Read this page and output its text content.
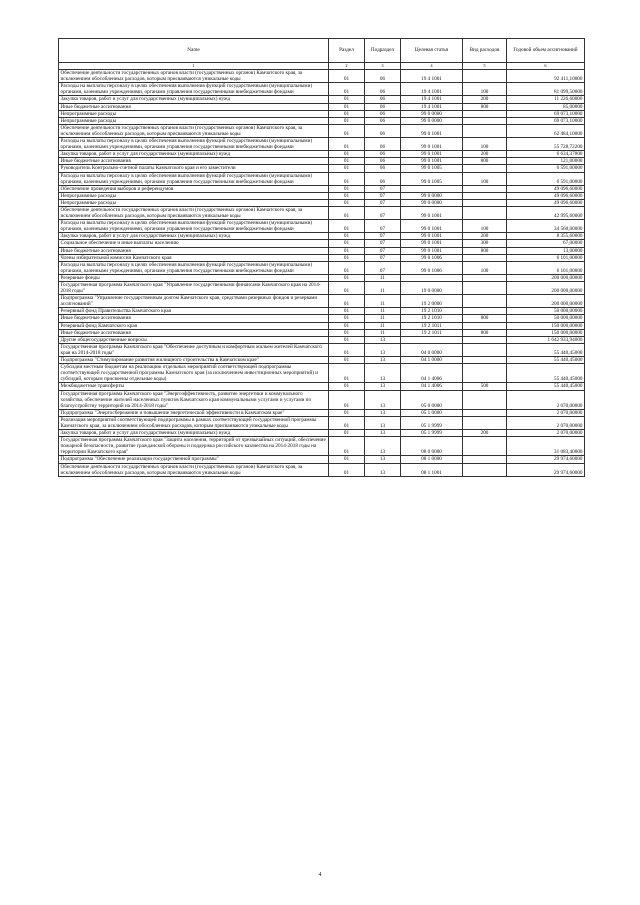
Name	Раздел	Подраздел	Целевая статья	Вид расходов	Годовой объем ассигнований
1	2	3	4	5	6
Обеспечение деятельности государственных органов власти (государственных органов) Камчатского края, за исключением обособленных расходов, которым присваиваются уникальные коды	01	06	19 4 1001		92 411,10000
Расходы на выплаты персоналу в целях обеспечения выполнения функций государственными (муниципальными) органами, казенными учреждениями, органами управления государственными внебюджетными фондами	01	06	19 4 1001	100	81 099,50000
Закупка товаров, работ и услуг для государственных (муниципальных) нужд	01	06	19 4 1001	200	11 226,60000
Иные бюджетные ассигнования	01	06	19 4 1001	800	85,00000
Непрограммные расходы	01	06	99 0 0000		69 073,10000
Непрограммные расходы	01	06	99 0 0000		69 073,10000
Обеспечение деятельности государственных органов власти (государственных органов) Камчатского края, за исключением обособленных расходов, которым присваиваются уникальные коды	01	06	99 0 1001		62 484,10000
Расходы на выплаты персоналу в целях обеспечения выполнения функций государственными (муниципальными) органами, казенными учреждениями, органами управления государственными внебюджетными фондами	01	06	99 0 1001	100	55 728,72200
Закупка товаров, работ и услуг для государственных (муниципальных) нужд	01	06	99 0 1001	200	6 634,37800
Иные бюджетные ассигнования	01	06	99 0 1001	800	121,00000
Руководитель Контрольно-счетной палаты Камчатского края и его заместители	01	06	99 0 1005		6 591,00000
Расходы на выплаты персоналу в целях обеспечения выполнения функций государственными (муниципальными) органами, казенными учреждениями, органами управления государственными внебюджетными фондами	01	06	99 0 1005	100	6 591,00000
Обеспечение проведения выборов и референдумов	01	07			49 096,60000
Непрограммные расходы	01	07	99 0 0000		49 096,60000
Непрограммные расходы	01	07	99 0 0000		49 096,60000
Обеспечение деятельности государственных органов власти (государственных органов) Камчатского края, за исключением обособленных расходов, которым присваиваются уникальные коды	01	07	99 0 1001		42 995,60000
Расходы на выплаты персоналу в целях обеспечения выполнения функций государственными (муниципальными) органами, казенными учреждениями, органами управления государственными внебюджетными фондами	01	07	99 0 1001	100	34 560,00000
Закупка товаров, работ и услуг для государственных (муниципальных) нужд	01	07	99 0 1001	200	8 355,60000
Социальное обеспечение и иные выплаты населению	01	07	99 0 1001	300	67,00000
Иные бюджетные ассигнования	01	07	99 0 1001	800	13,00000
Члены избирательной комиссии Камчатского края	01	07	99 0 1006		6 101,00000
Расходы на выплаты персоналу в целях обеспечения выполнения функций государственными (муниципальными) органами, казенными учреждениями, органами управления государственными внебюджетными фондами	01	07	99 0 1006	100	6 101,00000
Резервные фонды	01	11			200 000,00000
Государственная программа Камчатского края "Управление государственными финансами Камчатского края на 2014-2018 годы"	01	11	19 0 0000		200 000,00000
Подпрограмма "Управление государственным долгом Камчатского края, средствами резервных фондов и резервами ассигнований"	01	11	19 2 0000		200 000,00000
Резервный фонд Правительства Камчатского края	01	11	19 2 1010		50 000,00000
Иные бюджетные ассигнования	01	11	19 2 1010	800	50 000,00000
Резервный фонд Камчатского края	01	11	19 2 1011		150 000,00000
Иные бюджетные ассигнования	01	11	19 2 1011	800	150 000,00000
Другие общегосударственные вопросы	01	13			1 642 933,94000
Государственная программа Камчатского края "Обеспечение доступным и комфортным жильем жителей Камчатского края на 2014-2018 годы"	01	13	04 0 0000		55 440,45000
Подпрограмма "Стимулирование развития жилищного строительства в Камчатском крае"	01	13	04 1 0000		55 440,45000
Субсидии местным бюджетам на реализацию отдельных мероприятий соответствующей подпрограммы соответствующей государственной программы Камчатского края (за исключением инвестиционных мероприятий) и субсидий, которым присвоены отдельные коды)	01	13	04 1 4006		55 440,45000
Межбюджетные трансферты	01	13	04 1 4006	500	55 440,45000
Государственная программа Камчатского края "Энергоэффективность, развитие энергетики и коммунального хозяйства, обеспечение жителей населенных пунктов Камчатского края коммунальными услугами и услугами по благоустройству территорий на 2014-2018 годы"	01	13	05 0 0000		2 070,00000
Подпрограмма "Энергосбережение и повышение энергетической эффективности в Камчатском крае"	01	13	05 1 0000		2 070,00000
Реализация мероприятий соответствующей подпрограммы в рамках соответствующей государственной программы Камчатского края, за исключением обособленных расходов, которым присваиваются уникальные коды	01	13	05 1 9999		2 070,00000
Закупка товаров, работ и услуг для государственных (муниципальных) нужд	01	13	05 1 9999	200	2 070,00000
Государственная программа Камчатского края "Защита населения, территорий от чрезвычайных ситуаций, обеспечение пожарной безопасности, развитие гражданской обороны и поддержка российского казачества на 2014-2018 годы на территории Камчатского края"	01	13	08 0 0000		31 083,40000
Подпрограмма "Обеспечение реализации государственной программы"	01	13	08 1 0000		29 974,60000
Обеспечение деятельности государственных органов власти (государственных органов) Камчатского края, за исключением обособленных расходов, которым присваиваются уникальные коды	01	13	08 1 1001		29 974,60000
4
